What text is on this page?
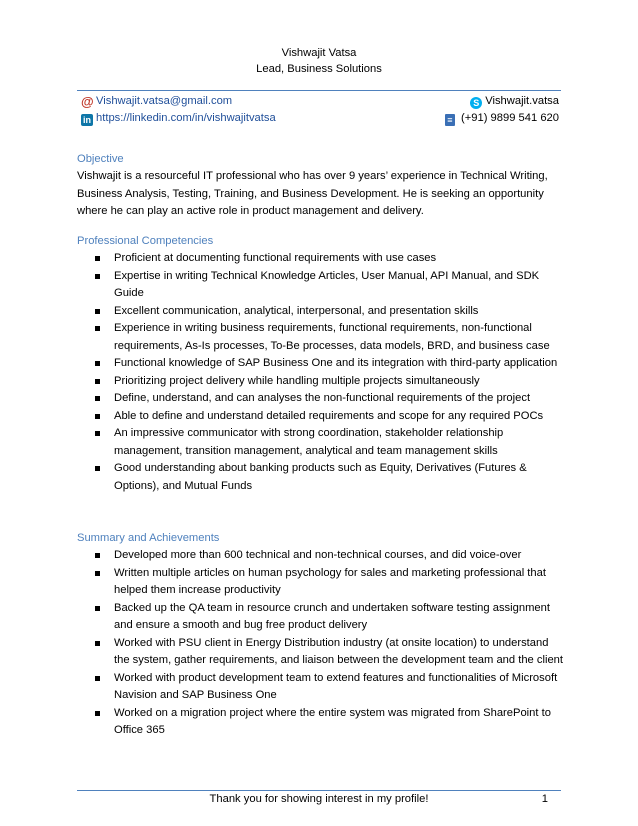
Vishwajit Vatsa
Lead, Business Solutions
@ Vishwajit.vatsa@gmail.com
in https://linkedin.com/in/vishwajitvatsa
S Vishwajit.vatsa
≡ (+91) 9899 541 620
Objective
Vishwajit is a resourceful IT professional who has over 9 years’ experience in Technical Writing, Business Analysis, Testing, Training, and Business Development. He is seeking an opportunity where he can play an active role in product management and delivery.
Professional Competencies
Proficient at documenting functional requirements with use cases
Expertise in writing Technical Knowledge Articles, User Manual, API Manual, and SDK Guide
Excellent communication, analytical, interpersonal, and presentation skills
Experience in writing business requirements, functional requirements, non-functional requirements, As-Is processes, To-Be processes, data models, BRD, and business case
Functional knowledge of SAP Business One and its integration with third-party application
Prioritizing project delivery while handling multiple projects simultaneously
Define, understand, and can analyses the non-functional requirements of the project
Able to define and understand detailed requirements and scope for any required POCs
An impressive communicator with strong coordination, stakeholder relationship management, transition management, analytical and team management skills
Good understanding about banking products such as Equity, Derivatives (Futures & Options), and Mutual Funds
Summary and Achievements
Developed more than 600 technical and non-technical courses, and did voice-over
Written multiple articles on human psychology for sales and marketing professional that helped them increase productivity
Backed up the QA team in resource crunch and undertaken software testing assignment and ensure a smooth and bug free product delivery
Worked with PSU client in Energy Distribution industry (at onsite location) to understand the system, gather requirements, and liaison between the development team and the client
Worked with product development team to extend features and functionalities of Microsoft Navision and SAP Business One
Worked on a migration project where the entire system was migrated from SharePoint to Office 365
Thank you for showing interest in my profile!	1
